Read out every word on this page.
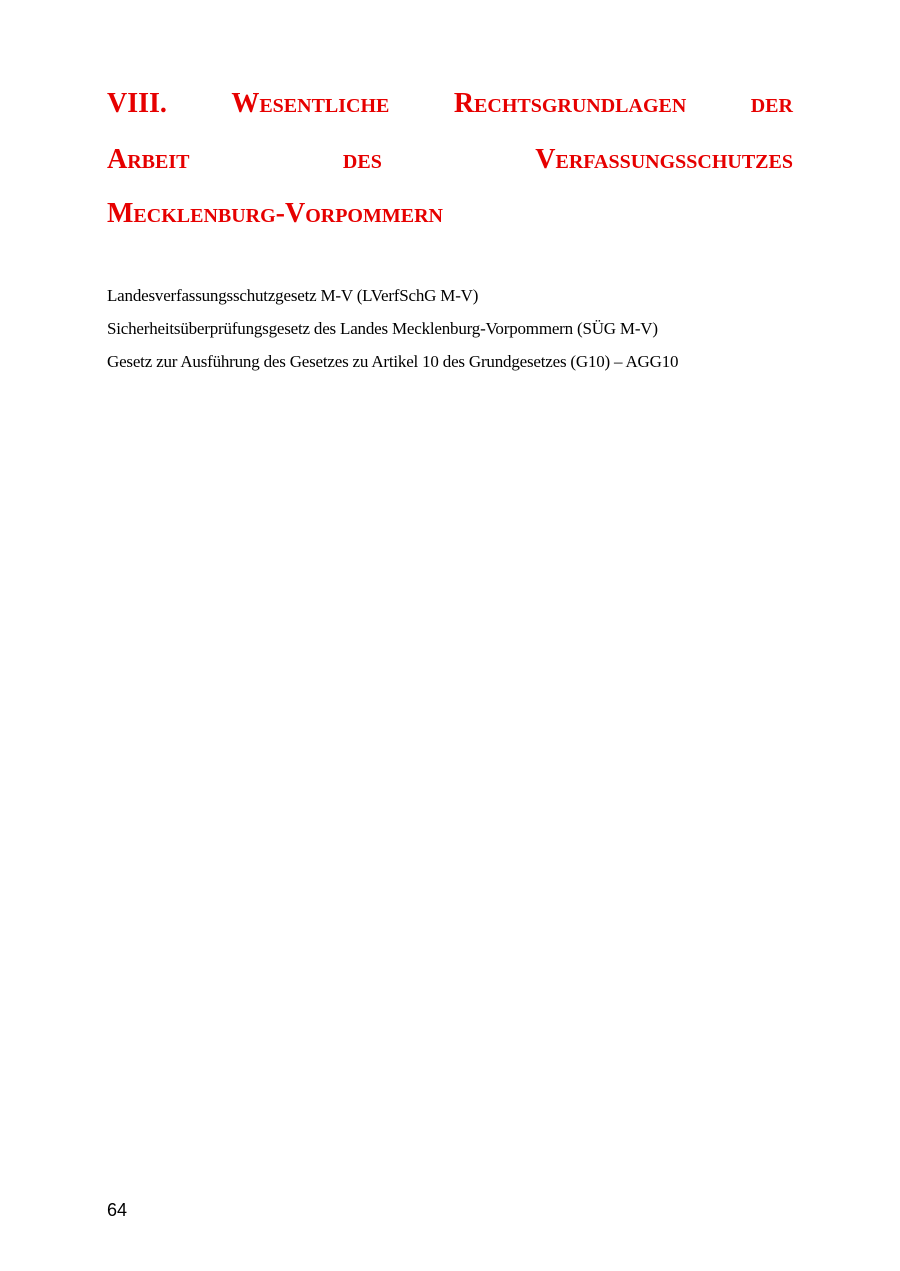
VIII. Wesentliche Rechtsgrundlagen der
Arbeit	des	Verfassungsschutzes
Mecklenburg-Vorpommern
Landesverfassungsschutzgesetz M-V (LVerfSchG M-V)
Sicherheitsüberprüfungsgesetz des Landes Mecklenburg-Vorpommern (SÜG M-V)
Gesetz zur Ausführung des Gesetzes zu Artikel 10 des Grundgesetzes (G10) – AGG10
64
